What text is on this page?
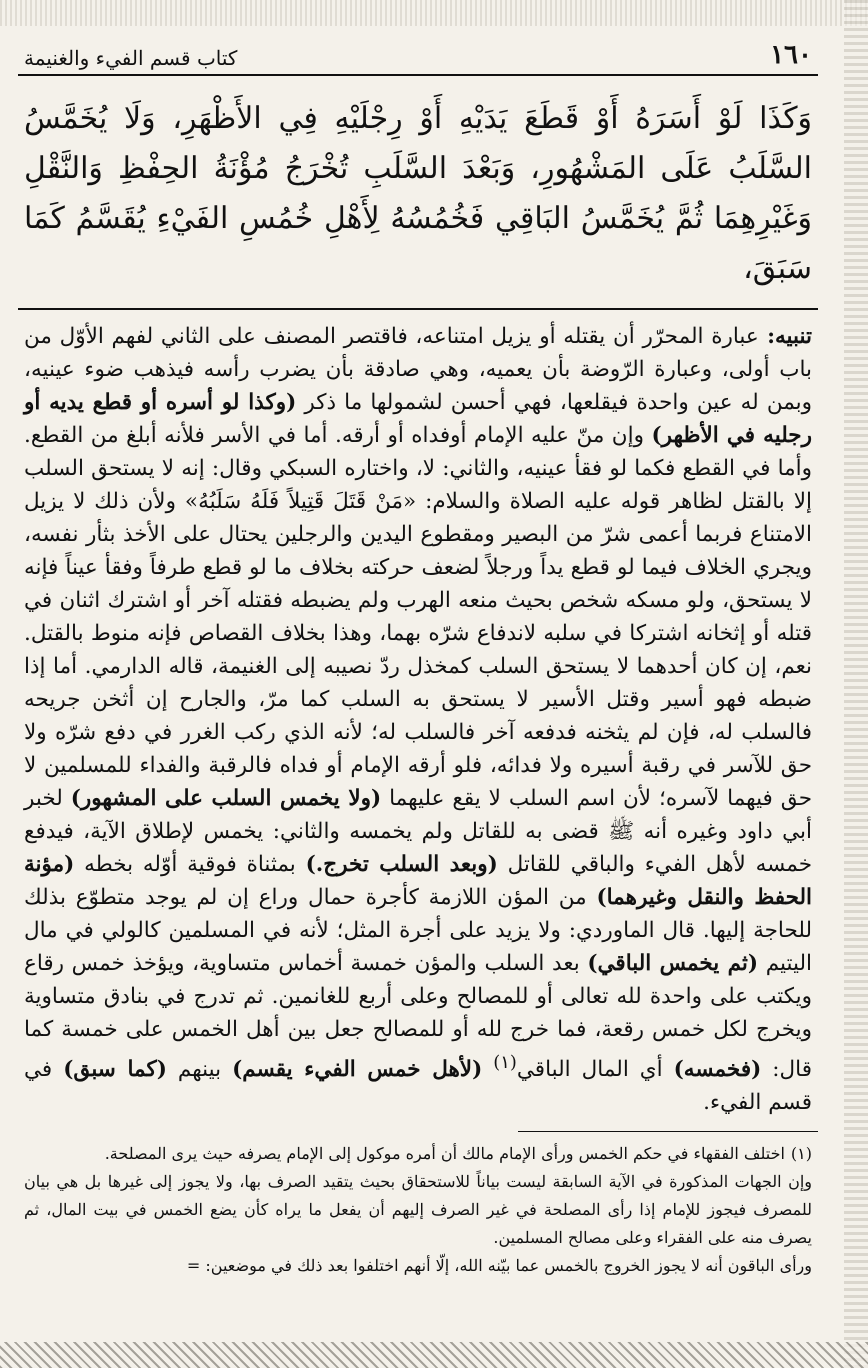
١٦٠
كتاب قسم الفيء والغنيمة

وَكَذَا لَوْ أَسَرَهُ أَوْ قَطَعَ يَدَيْهِ أَوْ رِجْلَيْهِ فِي الأَظْهَرِ، وَلَا يُخَمَّسُ السَّلَبُ عَلَى المَشْهُورِ، وَبَعْدَ السَّلَبِ تُخْرَجُ مُؤْنَةُ الحِفْظِ وَالنَّقْلِ وَغَيْرِهِمَا ثُمَّ يُخَمَّسُ البَاقِي فَخُمُسُهُ لِأَهْلِ خُمُسِ الفَيْءِ يُقَسَّمُ كَمَا سَبَقَ،

تنبيه: عبارة المحرّر أن يقتله أو يزيل امتناعه، فاقتصر المصنف على الثاني لفهم الأوّل من باب أولى، وعبارة الرّوضة بأن يعميه، وهي صادقة بأن يضرب رأسه فيذهب ضوء عينيه، وبمن له عين واحدة فيقلعها، فهي أحسن لشمولها ما ذكر (وكذا لو أسره أو قطع يديه أو رجليه في الأظهر) وإن منّ عليه الإمام أوفداه أو أرقه. أما في الأسر فلأنه أبلغ من القطع. وأما في القطع فكما لو فقأ عينيه، والثاني: لا، واختاره السبكي وقال: إنه لا يستحق السلب إلا بالقتل لظاهر قوله عليه الصلاة والسلام: «مَنْ قَتَلَ قَتِيلاً فَلَهُ سَلَبُهُ» ولأن ذلك لا يزيل الامتناع فربما أعمى شرّ من البصير ومقطوع اليدين والرجلين يحتال على الأخذ بثأر نفسه، ويجري الخلاف فيما لو قطع يداً ورجلاً لضعف حركته بخلاف ما لو قطع طرفاً وفقأ عيناً فإنه لا يستحق، ولو مسكه شخص بحيث منعه الهرب ولم يضبطه فقتله آخر أو اشترك اثنان في قتله أو إثخانه اشتركا في سلبه لاندفاع شرّه بهما، وهذا بخلاف القصاص فإنه منوط بالقتل. نعم، إن كان أحدهما لا يستحق السلب كمخذل ردّ نصيبه إلى الغنيمة، قاله الدارمي. أما إذا ضبطه فهو أسير وقتل الأسير لا يستحق به السلب كما مرّ، والجارح إن أثخن جريحه فالسلب له، فإن لم يثخنه فدفعه آخر فالسلب له؛ لأنه الذي ركب الغرر في دفع شرّه ولا حق للآسر في رقبة أسيره ولا فدائه، فلو أرقه الإمام أو فداه فالرقبة والفداء للمسلمين لا حق فيهما لآسره؛ لأن اسم السلب لا يقع عليهما (ولا يخمس السلب على المشهور) لخبر أبي داود وغيره أنه ﷺ قضى به للقاتل ولم يخمسه والثاني: يخمس لإطلاق الآية، فيدفع خمسه لأهل الفيء والباقي للقاتل (وبعد السلب تخرج.) بمثناة فوقية أوّله بخطه (مؤنة الحفظ والنقل وغيرهما) من المؤن اللازمة كأجرة حمال وراع إن لم يوجد متطوّع بذلك للحاجة إليها. قال الماوردي: ولا يزيد على أجرة المثل؛ لأنه في المسلمين كالولي في مال اليتيم (ثم يخمس الباقي) بعد السلب والمؤن خمسة أخماس متساوية، ويؤخذ خمس رقاع ويكتب على واحدة لله تعالى أو للمصالح وعلى أربع للغانمين. ثم تدرج في بنادق متساوية ويخرج لكل خمس رقعة، فما خرج لله أو للمصالح جعل بين أهل الخمس على خمسة كما قال: (فخمسه) أي المال الباقي$^{(١)}$ (لأهل خمس الفيء يقسم) بينهم (كما سبق) في قسم الفيء.

(١)اختلف الفقهاء في حكم الخمس ورأى الإمام مالك أن أمره موكول إلى الإمام يصرفه حيث يرى المصلحة.

وإن الجهات المذكورة في الآية السابقة ليست بياناً للاستحقاق بحيث يتقيد الصرف بها، ولا يجوز إلى غيرها بل هي بيان للمصرف فيجوز للإمام إذا رأى المصلحة في غير الصرف إليهم أن يفعل ما يراه كأن يضع الخمس في بيت المال، ثم يصرف منه على الفقراء وعلى مصالح المسلمين.

ورأى الباقون أنه لا يجوز الخروج بالخمس عما بيّنه الله، إلّا أنهم اختلفوا بعد ذلك في موضعين: =
